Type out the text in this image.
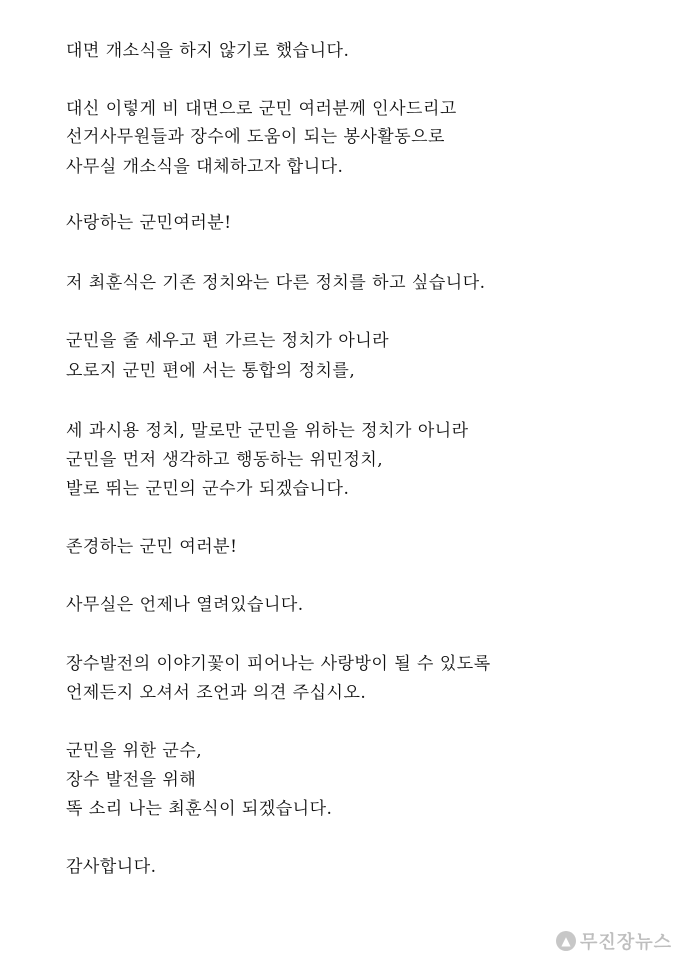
대면 개소식을 하지 않기로 했습니다.
대신 이렇게 비 대면으로 군민 여러분께 인사드리고
선거사무원들과 장수에 도움이 되는 봉사활동으로
사무실 개소식을 대체하고자 합니다.
사랑하는 군민여러분!
저 최훈식은 기존 정치와는 다른 정치를 하고 싶습니다.
군민을 줄 세우고 편 가르는 정치가 아니라
오로지 군민 편에 서는 통합의 정치를,
세 과시용 정치, 말로만 군민을 위하는 정치가 아니라
군민을 먼저 생각하고 행동하는 위민정치,
발로 뛰는 군민의 군수가 되겠습니다.
존경하는 군민 여러분!
사무실은 언제나 열려있습니다.
장수발전의 이야기꽃이 피어나는 사랑방이 될 수 있도록
언제든지 오셔서 조언과 의견 주십시오.
군민을 위한 군수,
장수 발전을 위해
똑 소리 나는 최훈식이 되겠습니다.
감사합니다.
▲ 무진장뉴스
